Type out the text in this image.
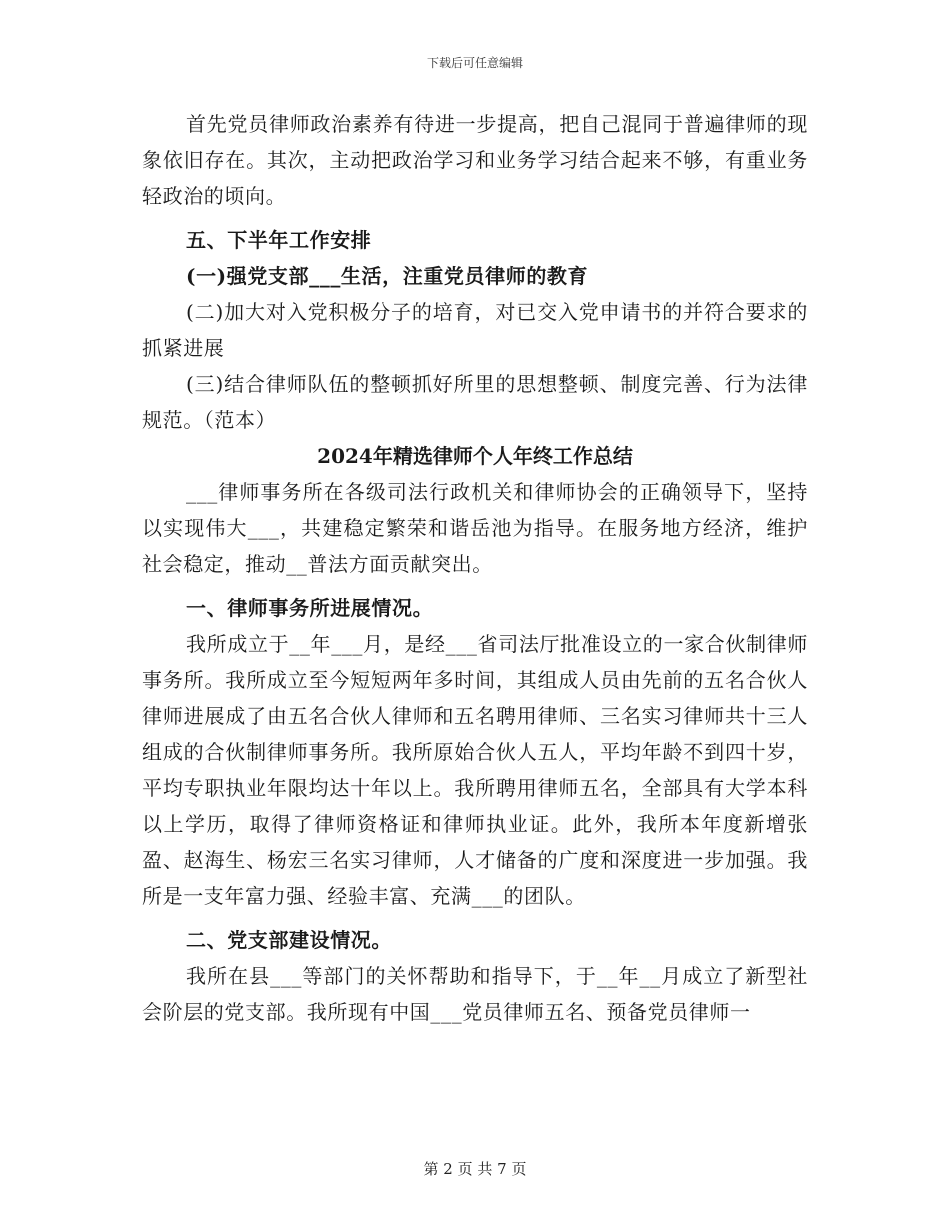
下载后可任意编辑

首先党员律师政治素养有待进一步提高，把自己混同于普遍律师的现象依旧存在。其次，主动把政治学习和业务学习结合起来不够，有重业务轻政治的顷向。

五、下半年工作安排

(一)强党支部___生活，注重党员律师的教育

(二)加大对入党积极分子的培育，对已交入党申请书的并符合要求的抓紧进展

(三)结合律师队伍的整顿抓好所里的思想整顿、制度完善、行为法律规范。（范本）

2024年精选律师个人年终工作总结

___律师事务所在各级司法行政机关和律师协会的正确领导下，坚持以实现伟大___，共建稳定繁荣和谐岳池为指导。在服务地方经济，维护社会稳定，推动__普法方面贡献突出。

一、律师事务所进展情况。

我所成立于__年___月，是经___省司法厅批准设立的一家合伙制律师事务所。我所成立至今短短两年多时间，其组成人员由先前的五名合伙人律师进展成了由五名合伙人律师和五名聘用律师、三名实习律师共十三人组成的合伙制律师事务所。我所原始合伙人五人，平均年龄不到四十岁，平均专职执业年限均达十年以上。我所聘用律师五名，全部具有大学本科以上学历，取得了律师资格证和律师执业证。此外，我所本年度新增张盈、赵海生、杨宏三名实习律师，人才储备的广度和深度进一步加强。我所是一支年富力强、经验丰富、充满___的团队。

二、党支部建设情况。

我所在县___等部门的关怀帮助和指导下，于__年__月成立了新型社会阶层的党支部。我所现有中国___党员律师五名、预备党员律师一

第 2 页 共 7 页
